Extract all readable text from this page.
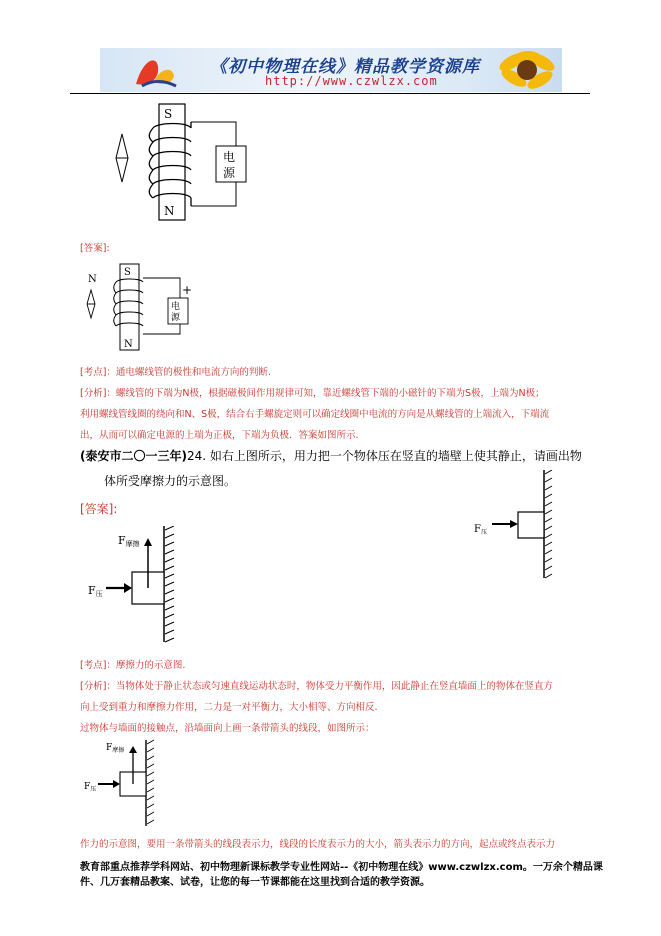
《初中物理在线》精品教学资源库
http://www.czwlzx.com
S
N
电
源
[答案]:
N
S
N
电
源
+
[考点]：通电螺线管的极性和电流方向的判断.
[分析]：螺线管的下端为N极，根据磁极间作用规律可知，靠近螺线管下端的小磁针的下端为S极，上端为N极；
利用螺线管线圈的绕向和N、S极，结合右手螺旋定则可以确定线圈中电流的方向是从螺线管的上端流入，下端流
出，从而可以确定电源的上端为正极，下端为负极．答案如图所示.
(泰安市二〇一三年)24. 如右上图所示，用力把一个物体压在竖直的墙壁上使其静止，请画出物
体所受摩擦力的示意图。
$F_压$
[答案]:
F摩擦
F压
[考点]：摩擦力的示意图.
[分析]：当物体处于静止状态或匀速直线运动状态时，物体受力平衡作用，因此静止在竖直墙面上的物体在竖直方
向上受到重力和摩擦力作用，二力是一对平衡力，大小相等、方向相反.
过物体与墙面的接触点，沿墙面向上画一条带箭头的线段，如图所示：
$F_{摩擦}$
$F_压$
作力的示意图，要用一条带箭头的线段表示力，线段的长度表示力的大小，箭头表示力的方向，起点或终点表示力
教育部重点推荐学科网站、初中物理新课标教学专业性网站--《初中物理在线》www.czwlzx.com。一万余个精品课
件、几万套精品教案、试卷，让您的每一节课都能在这里找到合适的教学资源。
